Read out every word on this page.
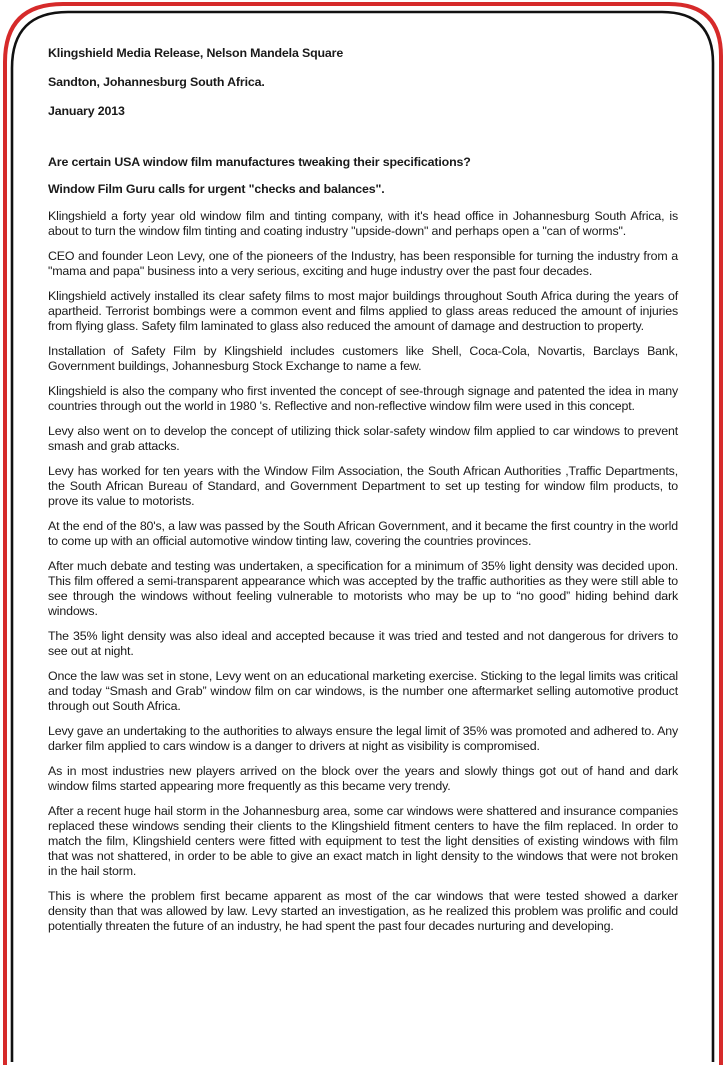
Klingshield Media Release, Nelson Mandela Square
Sandton, Johannesburg South Africa.
January 2013
Are certain USA window film manufactures tweaking their specifications?
Window Film Guru calls for urgent "checks and balances".

Klingshield a forty year old window film and tinting company, with it's head office in Johannesburg South Africa, is about to turn the window film tinting and coating industry "upside-down" and perhaps open a "can of worms".

CEO and founder Leon Levy, one of the pioneers of the Industry, has been responsible for turning the industry from a "mama and papa" business into a very serious, exciting and huge industry over the past four decades.

Klingshield actively installed its clear safety films to most major buildings throughout South Africa during the years of apartheid. Terrorist bombings were a common event and films applied to glass areas reduced the amount of injuries from flying glass. Safety film laminated to glass also reduced the amount of damage and destruction to property.

Installation of Safety Film by Klingshield includes customers like Shell, Coca-Cola, Novartis, Barclays Bank, Government buildings, Johannesburg Stock Exchange to name a few.

Klingshield is also the company who first invented the concept of see-through signage and patented the idea in many countries through out the world in 1980 's. Reflective and non-reflective window film were used in this concept.

Levy also went on to develop the concept of utilizing thick solar-safety window film applied to car windows to prevent smash and grab attacks.

Levy has worked for ten years with the Window Film Association, the South African Authorities ,Traffic Departments, the South African Bureau of Standard, and Government Department to set up testing for window film products, to prove its value to motorists.

At the end of the 80's, a law was passed by the South African Government, and it became the first country in the world to come up with an official automotive window tinting law, covering the countries provinces.

After much debate and testing was undertaken, a specification for a minimum of 35% light density was decided upon. This film offered a semi-transparent appearance which was accepted by the traffic authorities as they were still able to see through the windows without feeling vulnerable to motorists who may be up to “no good” hiding behind dark windows.

The 35% light density was also ideal and accepted because it was tried and tested and not dangerous for drivers to see out at night.

Once the law was set in stone, Levy went on an educational marketing exercise. Sticking to the legal limits was critical and today “Smash and Grab” window film on car windows, is the number one aftermarket selling automotive product through out South Africa.

Levy gave an undertaking to the authorities to always ensure the legal limit of 35% was promoted and adhered to. Any darker film applied to cars window is a danger to drivers at night as visibility is compromised.

As in most industries new players arrived on the block over the years and slowly things got out of hand and dark window films started appearing more frequently as this became very trendy.

After a recent huge hail storm in the Johannesburg area, some car windows were shattered and insurance companies replaced these windows sending their clients to the Klingshield fitment centers to have the film replaced. In order to match the film, Klingshield centers were fitted with equipment to test the light densities of existing windows with film that was not shattered, in order to be able to give an exact match in light density to the windows that were not broken in the hail storm.

This is where the problem first became apparent as most of the car windows that were tested showed a darker density than that was allowed by law. Levy started an investigation, as he realized this problem was prolific and could potentially threaten the future of an industry, he had spent the past four decades nurturing and developing.
